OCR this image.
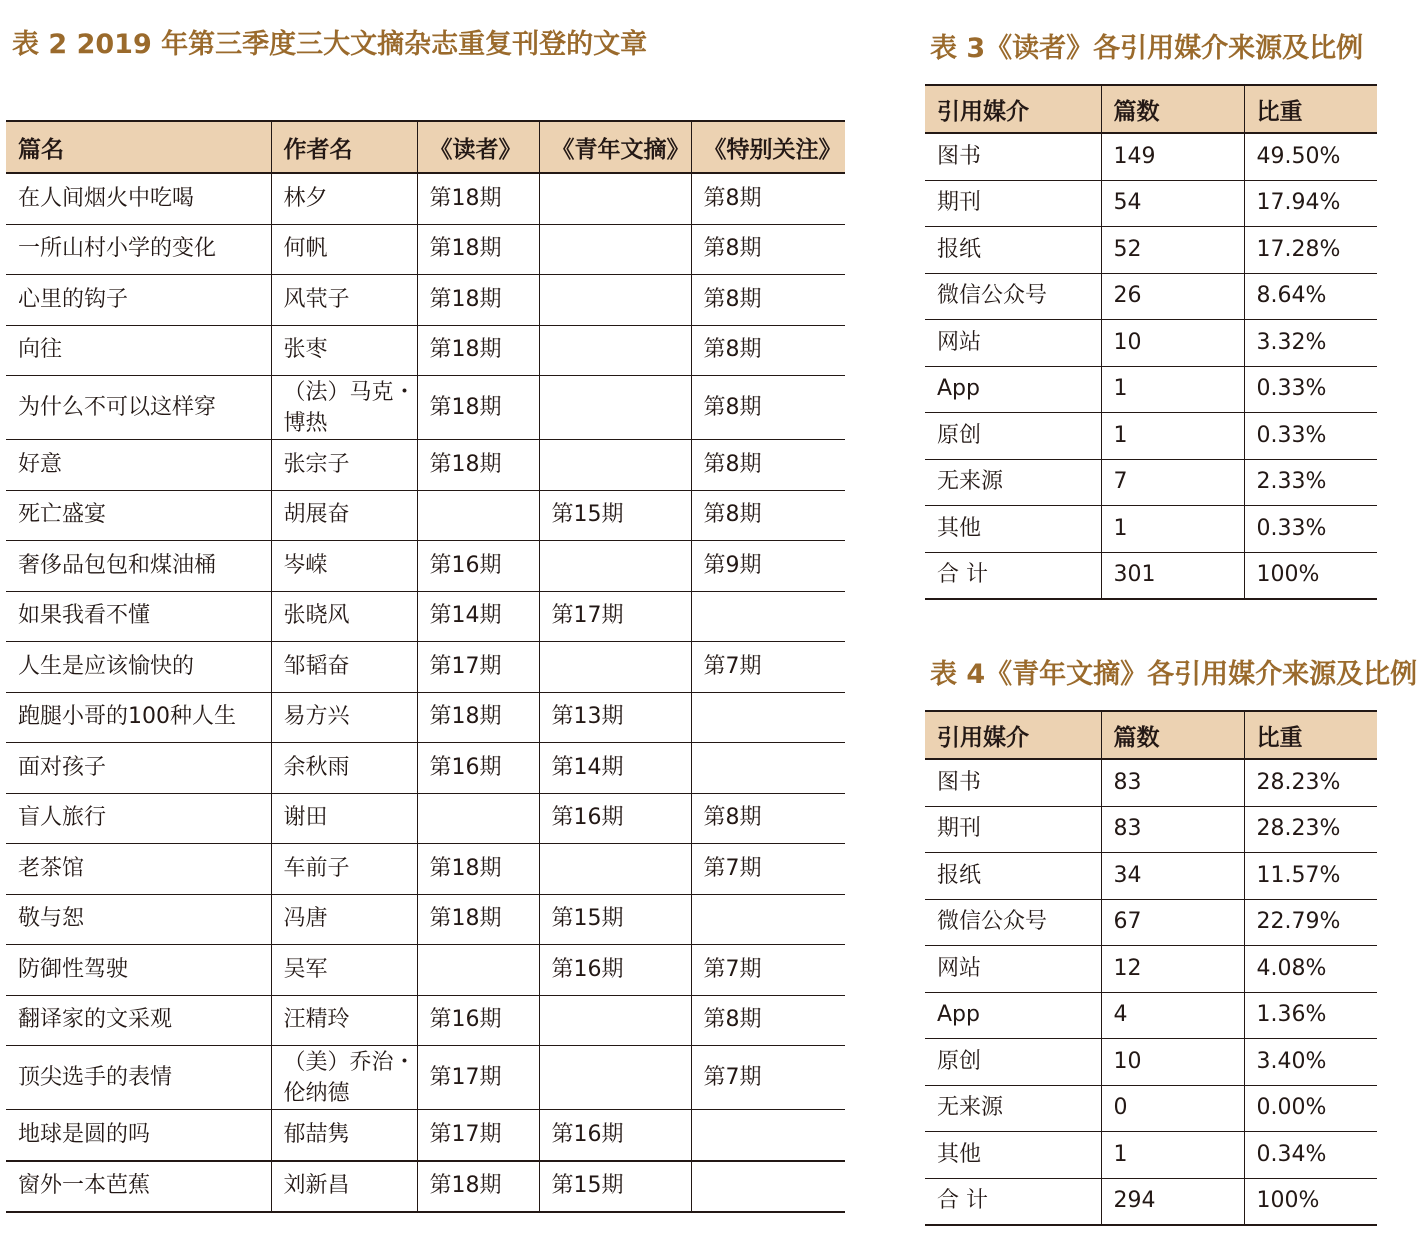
表 2 2019 年第三季度三大文摘杂志重复刊登的文章
篇名	作者名	《读者》	《青年文摘》	《特别关注》
在人间烟火中吃喝	林夕	第18期		第8期
一所山村小学的变化	何帆	第18期		第8期
心里的钩子	风茕子	第18期		第8期
向往	张枣	第18期		第8期
为什么不可以这样穿	（法）马克・博热	第18期		第8期
好意	张宗子	第18期		第8期
死亡盛宴	胡展奋		第15期	第8期
奢侈品包包和煤油桶	岑嵘	第16期		第9期
如果我看不懂	张晓风	第14期	第17期	
人生是应该愉快的	邹韬奋	第17期		第7期
跑腿小哥的100种人生	易方兴	第18期	第13期	
面对孩子	余秋雨	第16期	第14期	
盲人旅行	谢田		第16期	第8期
老茶馆	车前子	第18期		第7期
敬与恕	冯唐	第18期	第15期	
防御性驾驶	吴军		第16期	第7期
翻译家的文采观	汪精玲	第16期		第8期
顶尖选手的表情	（美）乔治・伦纳德	第17期		第7期
地球是圆的吗	郁喆隽	第17期	第16期	
窗外一本芭蕉	刘新昌	第18期	第15期	
表 3《读者》各引用媒介来源及比例
引用媒介	篇数	比重
图书	149	49.50%
期刊	54	17.94%
报纸	52	17.28%
微信公众号	26	8.64%
网站	10	3.32%
App	1	0.33%
原创	1	0.33%
无来源	7	2.33%
其他	1	0.33%
合 计	301	100%
表 4《青年文摘》各引用媒介来源及比例
引用媒介	篇数	比重
图书	83	28.23%
期刊	83	28.23%
报纸	34	11.57%
微信公众号	67	22.79%
网站	12	4.08%
App	4	1.36%
原创	10	3.40%
无来源	0	0.00%
其他	1	0.34%
合 计	294	100%
